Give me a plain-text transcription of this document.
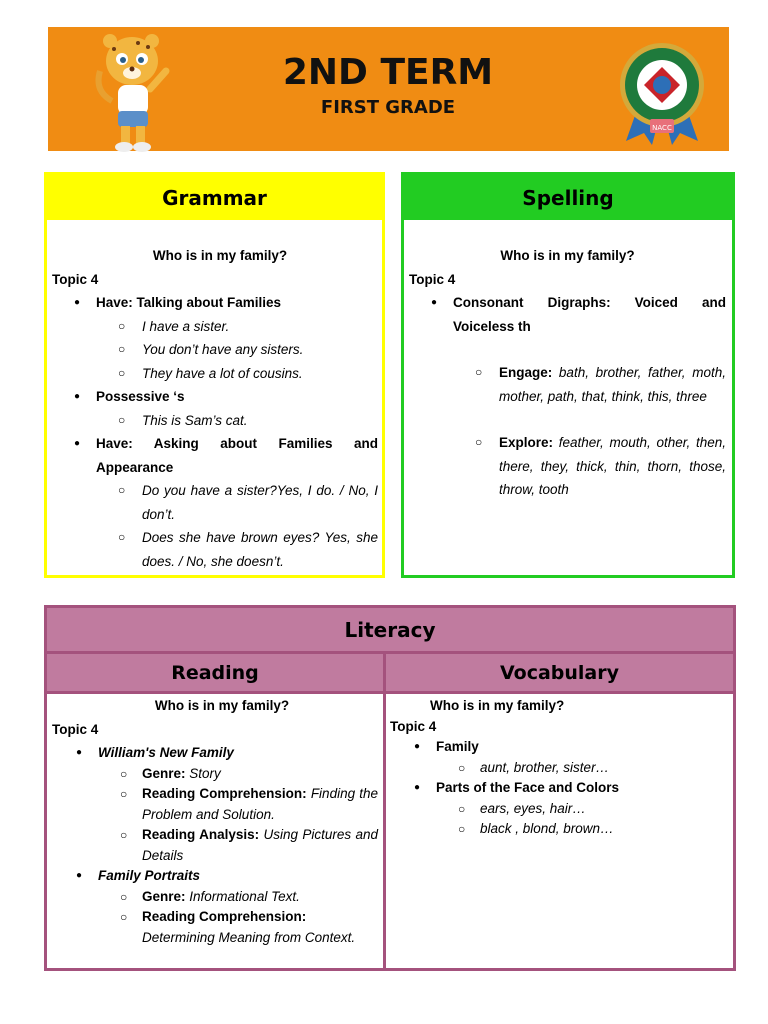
2ND TERM
FIRST GRADE
NACC
Grammar
Who is in my family?
Topic 4
● Have: Talking about Families
○ I have a sister.
○ You don’t have any sisters.
○ They have a lot of cousins.
● Possessive ‘s
○ This is Sam’s cat.
● Have: Asking about Families and Appearance
○ Do you have a sister?Yes, I do. / No, I don’t.
○ Does she have brown eyes? Yes, she does. / No, she doesn’t.
Spelling
Who is in my family?
Topic 4
● Consonant Digraphs: Voiced and Voiceless th
○ Engage: bath, brother, father, moth, mother, path, that, think, this, three
○ Explore: feather, mouth, other, then, there, they, thick, thin, thorn, those, throw, tooth
Literacy
Reading	Vocabulary
Who is in my family?
Topic 4
● William's New Family
○ Genre: Story
○ Reading Comprehension: Finding the Problem and Solution.
○ Reading Analysis: Using Pictures and Details
● Family Portraits
○ Genre: Informational Text.
○ Reading Comprehension: Determining Meaning from Context.
Who is in my family?
Topic 4
● Family
○ aunt, brother, sister…
● Parts of the Face and Colors
○ ears, eyes, hair…
○ black , blond, brown…
